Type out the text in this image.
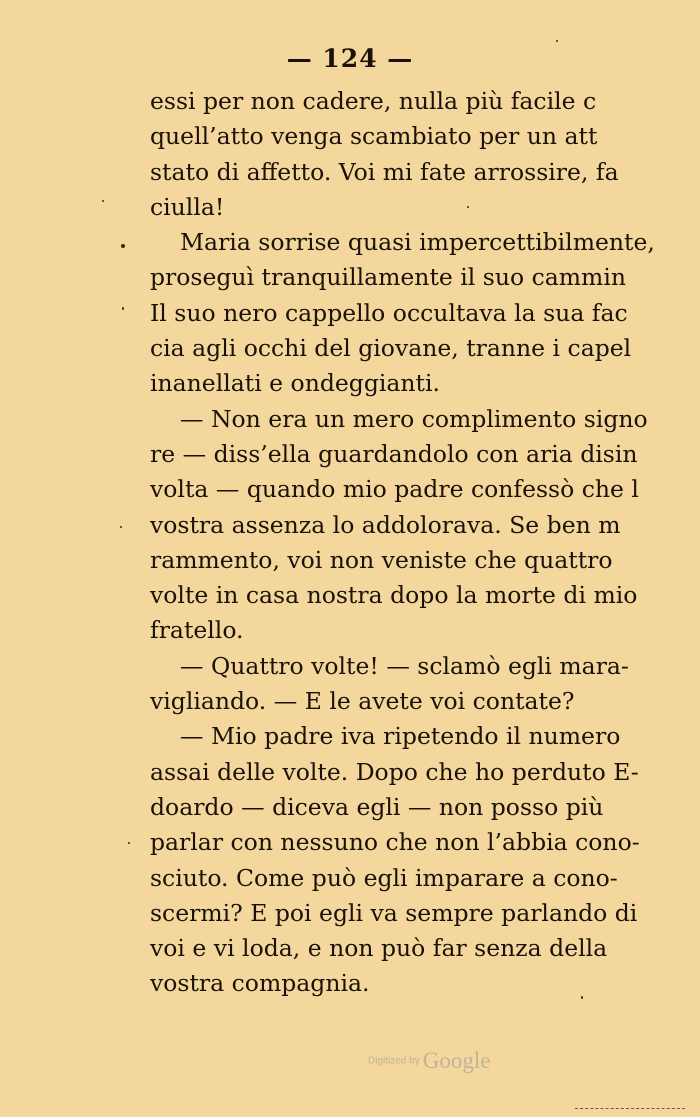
— 124 —
essi per non cadere, nulla più facile c
quell’atto venga scambiato per un att
stato di affetto. Voi mi fate arrossire, fa
ciulla!
Maria sorrise quasi impercettibilmente,
proseguì tranquillamente il suo cammin
Il suo nero cappello occultava la sua fac
cia agli occhi del giovane, tranne i capel
inanellati e ondeggianti.
— Non era un mero complimento signo
re — diss’ella guardandolo con aria disin
volta — quando mio padre confessò che l
vostra assenza lo addolorava. Se ben m
rammento, voi non veniste che quattro
volte in casa nostra dopo la morte di mio
fratello.
— Quattro volte! — sclamò egli mara-
vigliando. — E le avete voi contate?
— Mio padre iva ripetendo il numero
assai delle volte. Dopo che ho perduto E-
doardo — diceva egli — non posso più
parlar con nessuno che non l’abbia cono-
sciuto. Come può egli imparare a cono-
scermi? E poi egli va sempre parlando di
voi e vi loda, e non può far senza della
vostra compagnia.
Digitized by Google
